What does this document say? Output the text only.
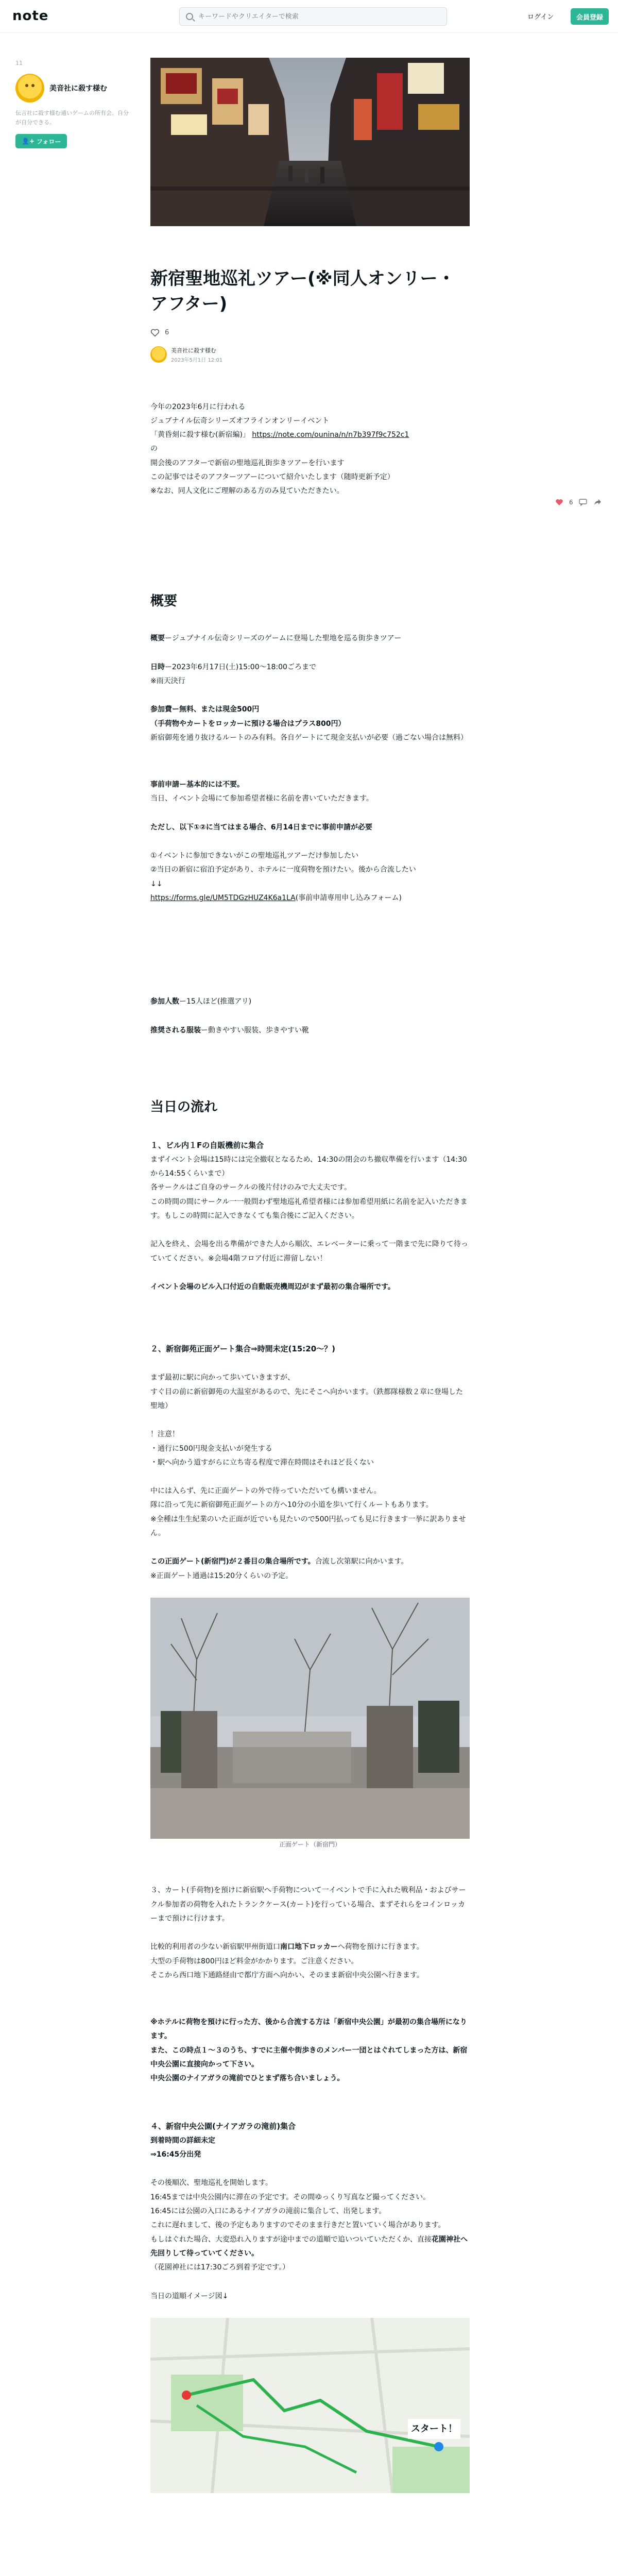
note
キーワードやクリエイターで検索	ログイン	会員登録
11
美音社に殺す様む
伝言社に殺す様む通いゲームの所有会。自分が自分できる。
👤+ フォロー
6
新宿聖地巡礼ツアー(※同人オンリー・アフター)
6
美音社に殺す様む
2023年5月1日 12:01

今年の2023年6月に行われる

ジュブナイル伝奇シリーズオフラインオンリーイベント

「黄昏刻に殺す様む(新宿編)」 https://note.com/ounina/n/n7b397f9c752c1

の

開会後のアフターで新宿の聖地巡礼街歩きツアーを行います

この記事ではそのアフターツアーについて紹介いたします（随時更新予定）

※なお、同人文化にご理解のある方のみ見ていただきたい。

概要

概要ージュブナイル伝奇シリーズのゲームに登場した聖地を巡る街歩きツアー

日時ー2023年6月17日(土)15:00〜18:00ごろまで

※雨天決行

参加費ー無料、または現金500円

（手荷物やカートをロッカーに預ける場合はプラス800円）

新宿御苑を通り抜けるルートのみ有料。各自ゲートにて現金支払いが必要（過ごない場合は無料）

事前申請ー基本的には不要。

当日、イベント会場にて参加希望者様に名前を書いていただきます。

ただし、以下①②に当てはまる場合、6月14日までに事前申請が必要

①イベントに参加できないがこの聖地巡礼ツアーだけ参加したい

②当日の新宿に宿泊予定があり、ホテルに一度荷物を預けたい。後から合流したい

↓↓

https://forms.gle/UM5TDGzHUZ4K6a1LA(事前申請専用申し込みフォーム)

参加人数ー15人ほど(推選アリ)

推奨される服装ー動きやすい服装、歩きやすい靴

当日の流れ

１、ビル内１Fの自販機前に集合

まずイベント会場は15時には完全撤収となるため、14:30の閉会のち撤収準備を行います（14:30から14:55くらいまで）

各サークルはご自身のサークルの後片付けのみで大丈夫です。

この時間の間にサークル一一般問わず聖地巡礼希望者様には参加希望用紙に名前を記入いただきます。もしこの時間に記入できなくても集合後にご記入ください。

記入を終え、会場を出る準備ができた人から順次、エレベーターに乗って一階まで先に降りて待っていてください。※会場4階フロア付近に滞留しない！

イベント会場のビル入口付近の自動販売機周辺がまず最初の集合場所です。

２、新宿御苑正面ゲート集合⇒時間未定(15:20〜？)

まず最初に駅に向かって歩いていきますが、

すぐ目の前に新宿御苑の大温室があるので、先にそこへ向かいます。（鉄都隊様数２章に登場した聖地）

！注意！

・通行に500円現金支払いが発生する

・駅へ向かう道すがらに立ち寄る程度で滞在時間はそれほど長くない

中には入らず、先に正面ゲートの外で待っていただいても構いません。

隊に沿って先に新宿御苑正面ゲートの方へ10分の小道を歩いて行くルートもあります。

※全種は生生紀業のいた正面が近でいも見たいので500円払っても見に行きます一挙に訳ありません。

この正面ゲート(新宿門)が２番目の集合場所です。合流し次第駅に向かいます。

※正面ゲート通過は15:20分くらいの予定。

正面ゲート（新宿門）

３、カート(手荷物)を預けに新宿駅へ手荷物について一イベントで手に入れた戦利品・およびサークル参加者の荷物を入れたトランクケース(カート)を行っている場合、まずそれらをコインロッカーまで預けに行けます。

比較的利用者の少ない新宿駅甲州街道口南口地下ロッカーへ荷物を預けに行きます。

大型の手荷物は800円ほど料金がかかります。ご注意ください。

そこから西口地下通路経由で都庁方面へ向かい、そのまま新宿中央公園へ行きます。

※ホテルに荷物を預けに行った方、後から合流する方は「新宿中央公園」が最初の集合場所になります。

また、この時点１〜３のうち、すでに主催や街歩きのメンバー一団とはぐれてしまった方は、新宿中央公園に直接向かって下さい。

中央公園のナイアガラの滝前でひとまず落ち合いましょう。

４、新宿中央公園(ナイアガラの滝前)集合

到着時間の詳細未定

⇒16:45分出発

その後順次、聖地巡礼を開始します。

16:45までは中央公園内に滞在の予定です。その間ゆっくり写真など撮ってください。

16:45には公園の入口にあるナイアガラの滝前に集合して、出発します。

これに遅れまして、後の予定もありますのでそのまま行きだと置いていく場合があります。

もしはぐれた場合、大変恐れ入りますが途中までの道順で追いついていただくか、直接花園神社へ先回りして待っていてください。

（花園神社には17:30ごろ到着予定です。）

当日の道順イメージ図↓

スタート！
